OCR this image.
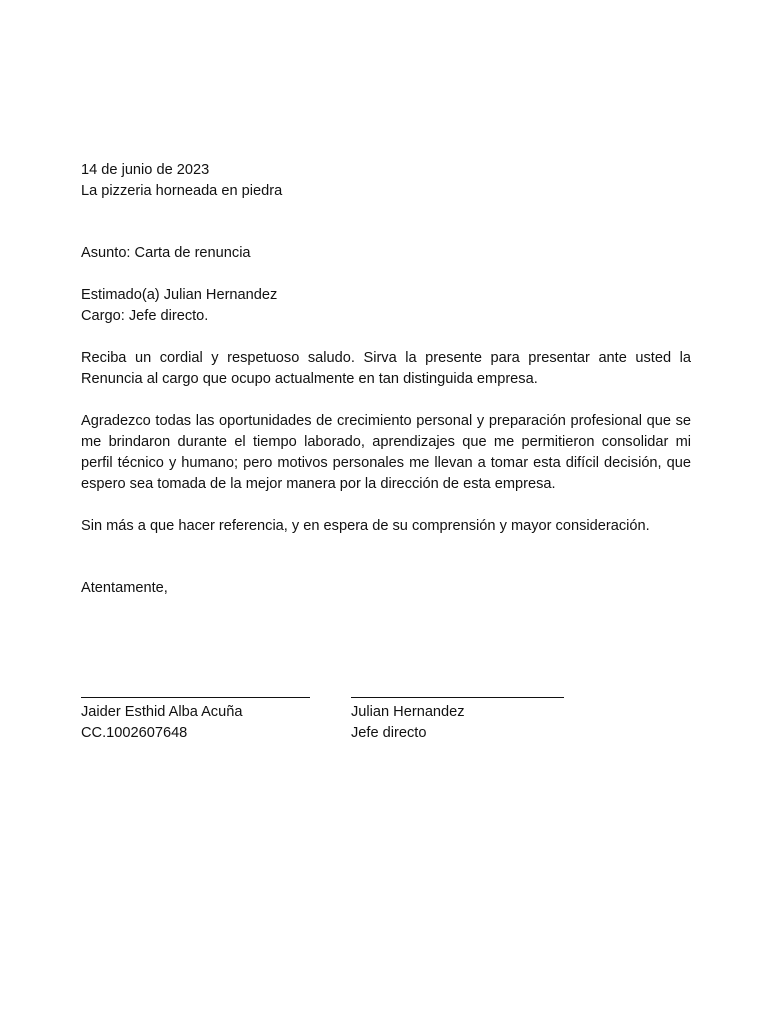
14 de junio de 2023
La pizzeria horneada en piedra
Asunto: Carta de renuncia
Estimado(a) Julian Hernandez
Cargo: Jefe directo.

Reciba un cordial y respetuoso saludo. Sirva la presente para presentar ante usted la Renuncia al cargo que ocupo actualmente en tan distinguida empresa.

Agradezco todas las oportunidades de crecimiento personal y preparación profesional que se me brindaron durante el tiempo laborado, aprendizajes que me permitieron consolidar mi perfil técnico y humano; pero motivos personales me llevan a tomar esta difícil decisión, que espero sea tomada de la mejor manera por la dirección de esta empresa.

Sin más a que hacer referencia, y en espera de su comprensión y mayor consideración.

Atentamente,
Jaider Esthid Alba Acuña
CC.1002607648
Julian Hernandez
Jefe directo
